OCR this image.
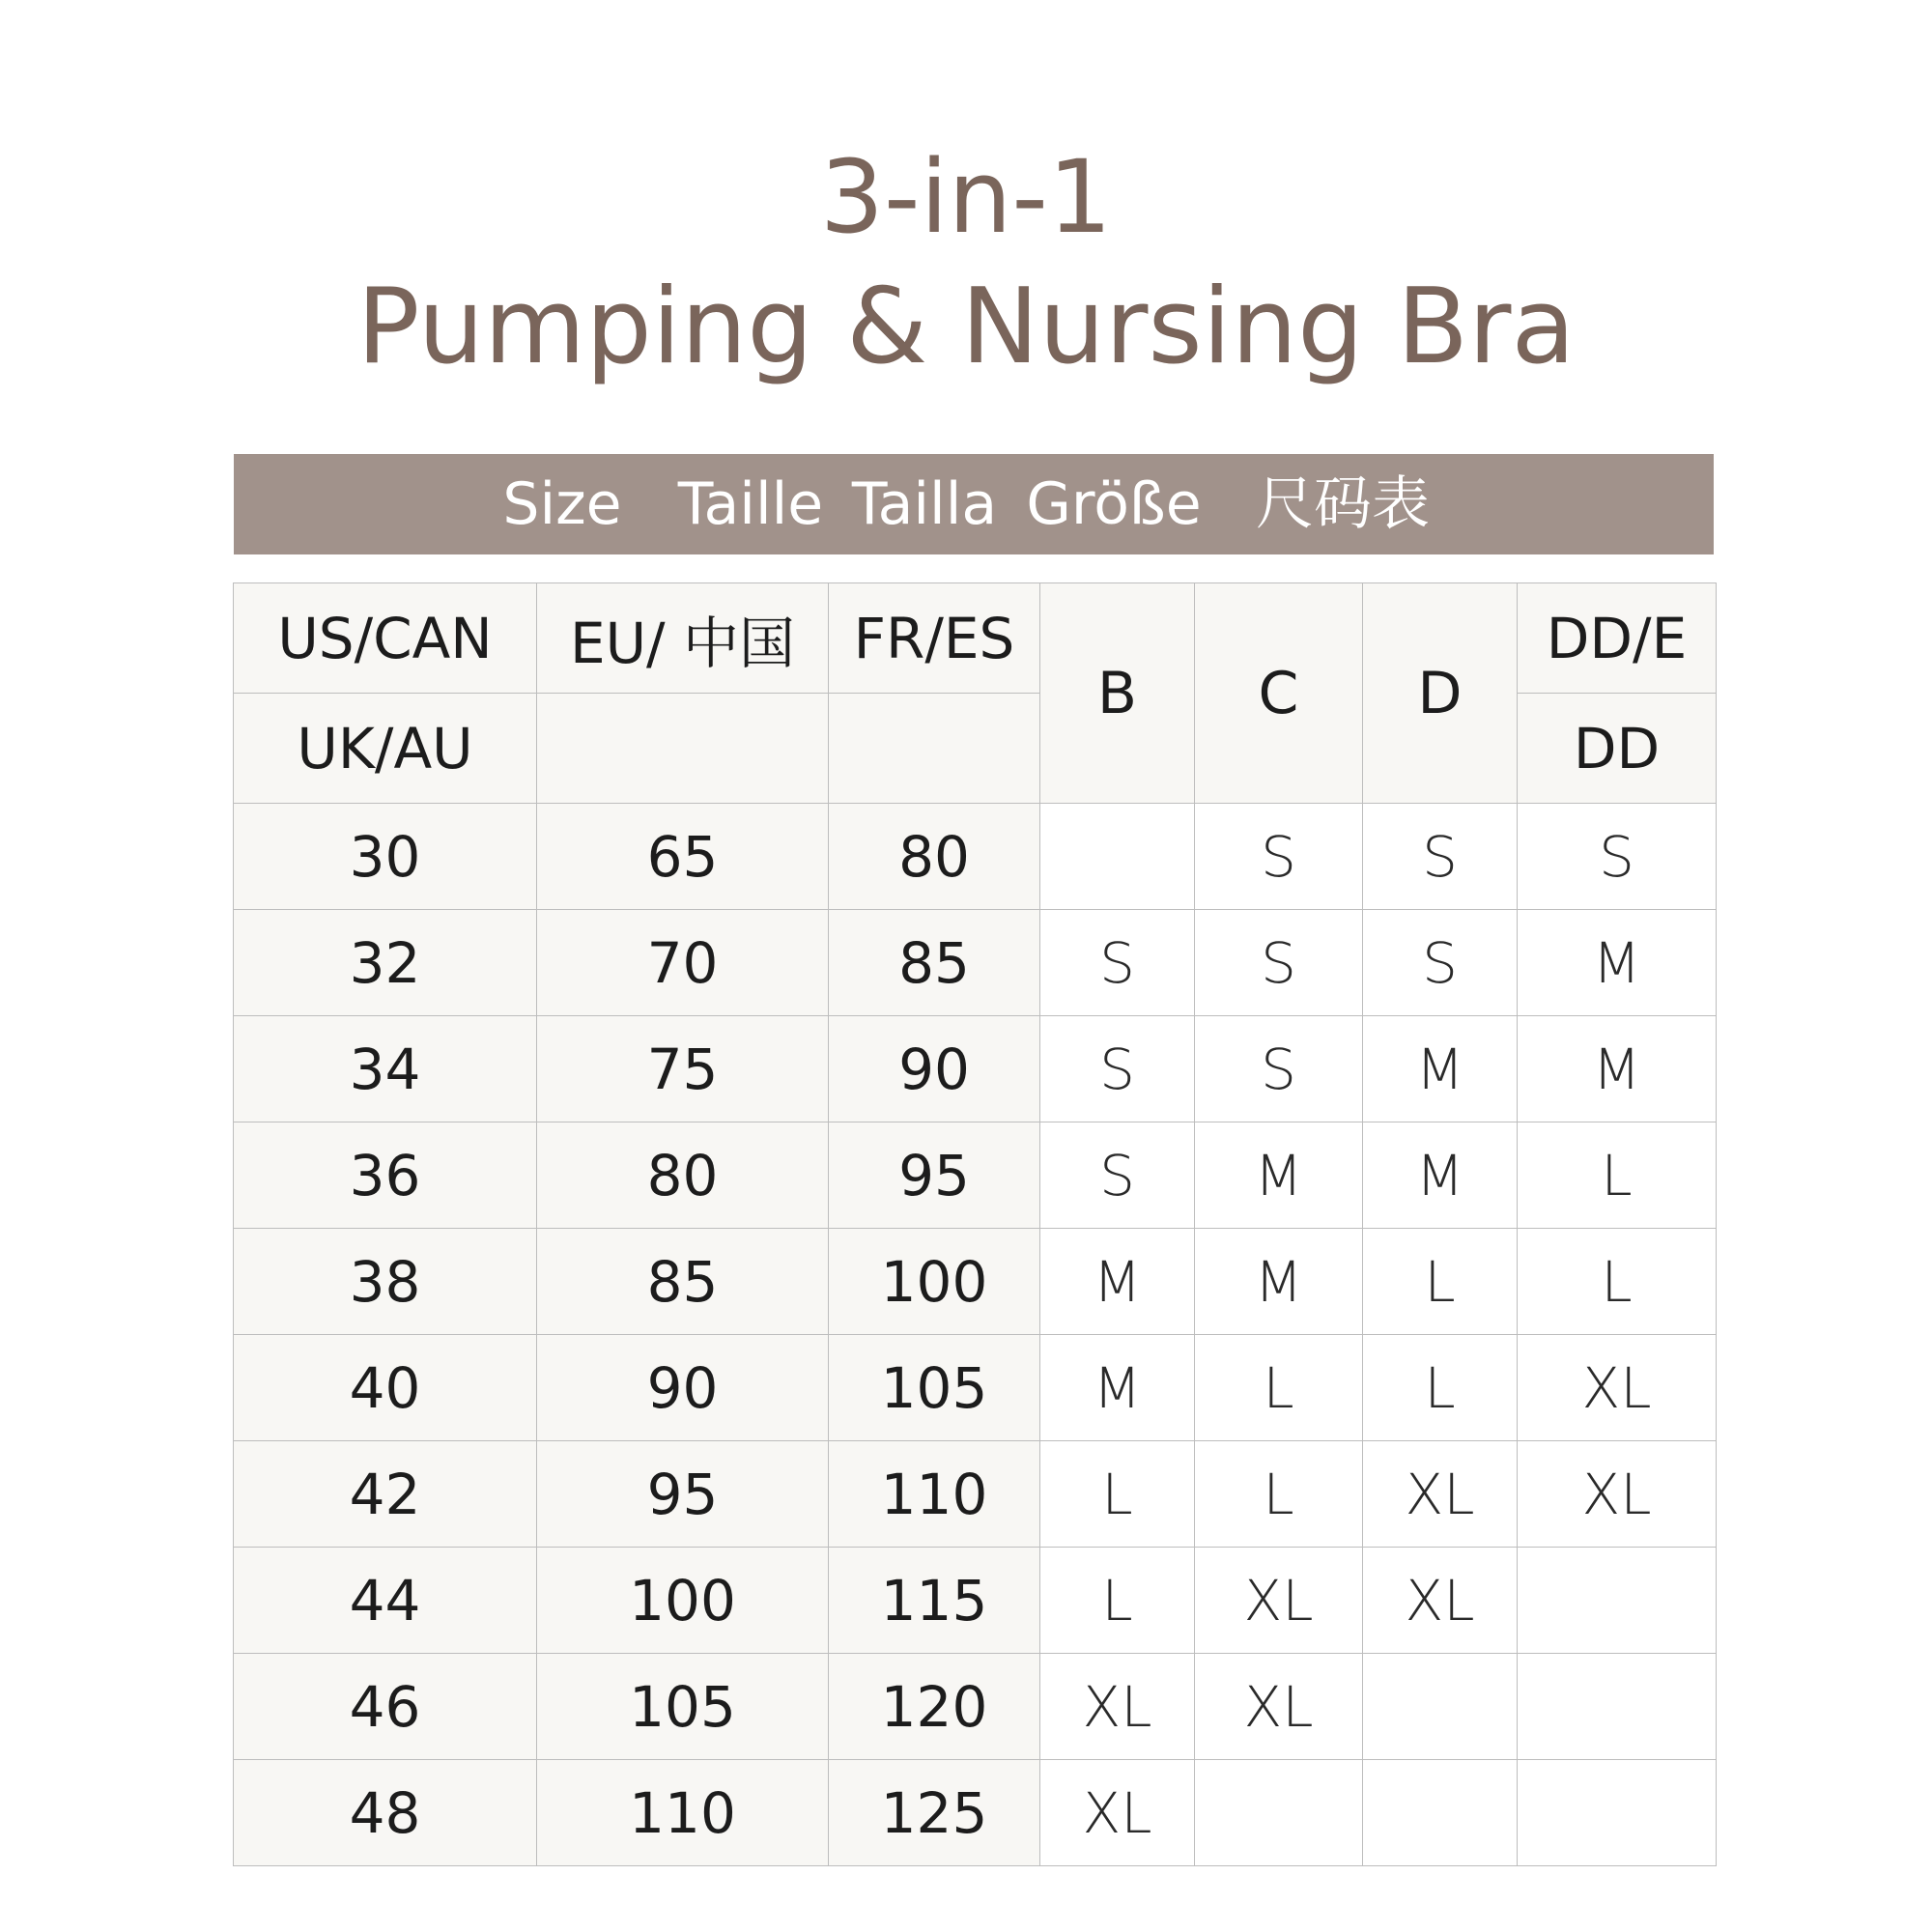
3-in-1
Pumping & Nursing Bra
Size Taille Tailla Größe 尺码表
US/CAN	EU/ 中国	FR/ES	B	C	D	DD/E
UK/AU						DD
30	65	80		S	S	S
32	70	85	S	S	S	M
34	75	90	S	S	M	M
36	80	95	S	M	M	L
38	85	100	M	M	L	L
40	90	105	M	L	L	XL
42	95	110	L	L	XL	XL
44	100	115	L	XL	XL	
46	105	120	XL	XL		
48	110	125	XL			
